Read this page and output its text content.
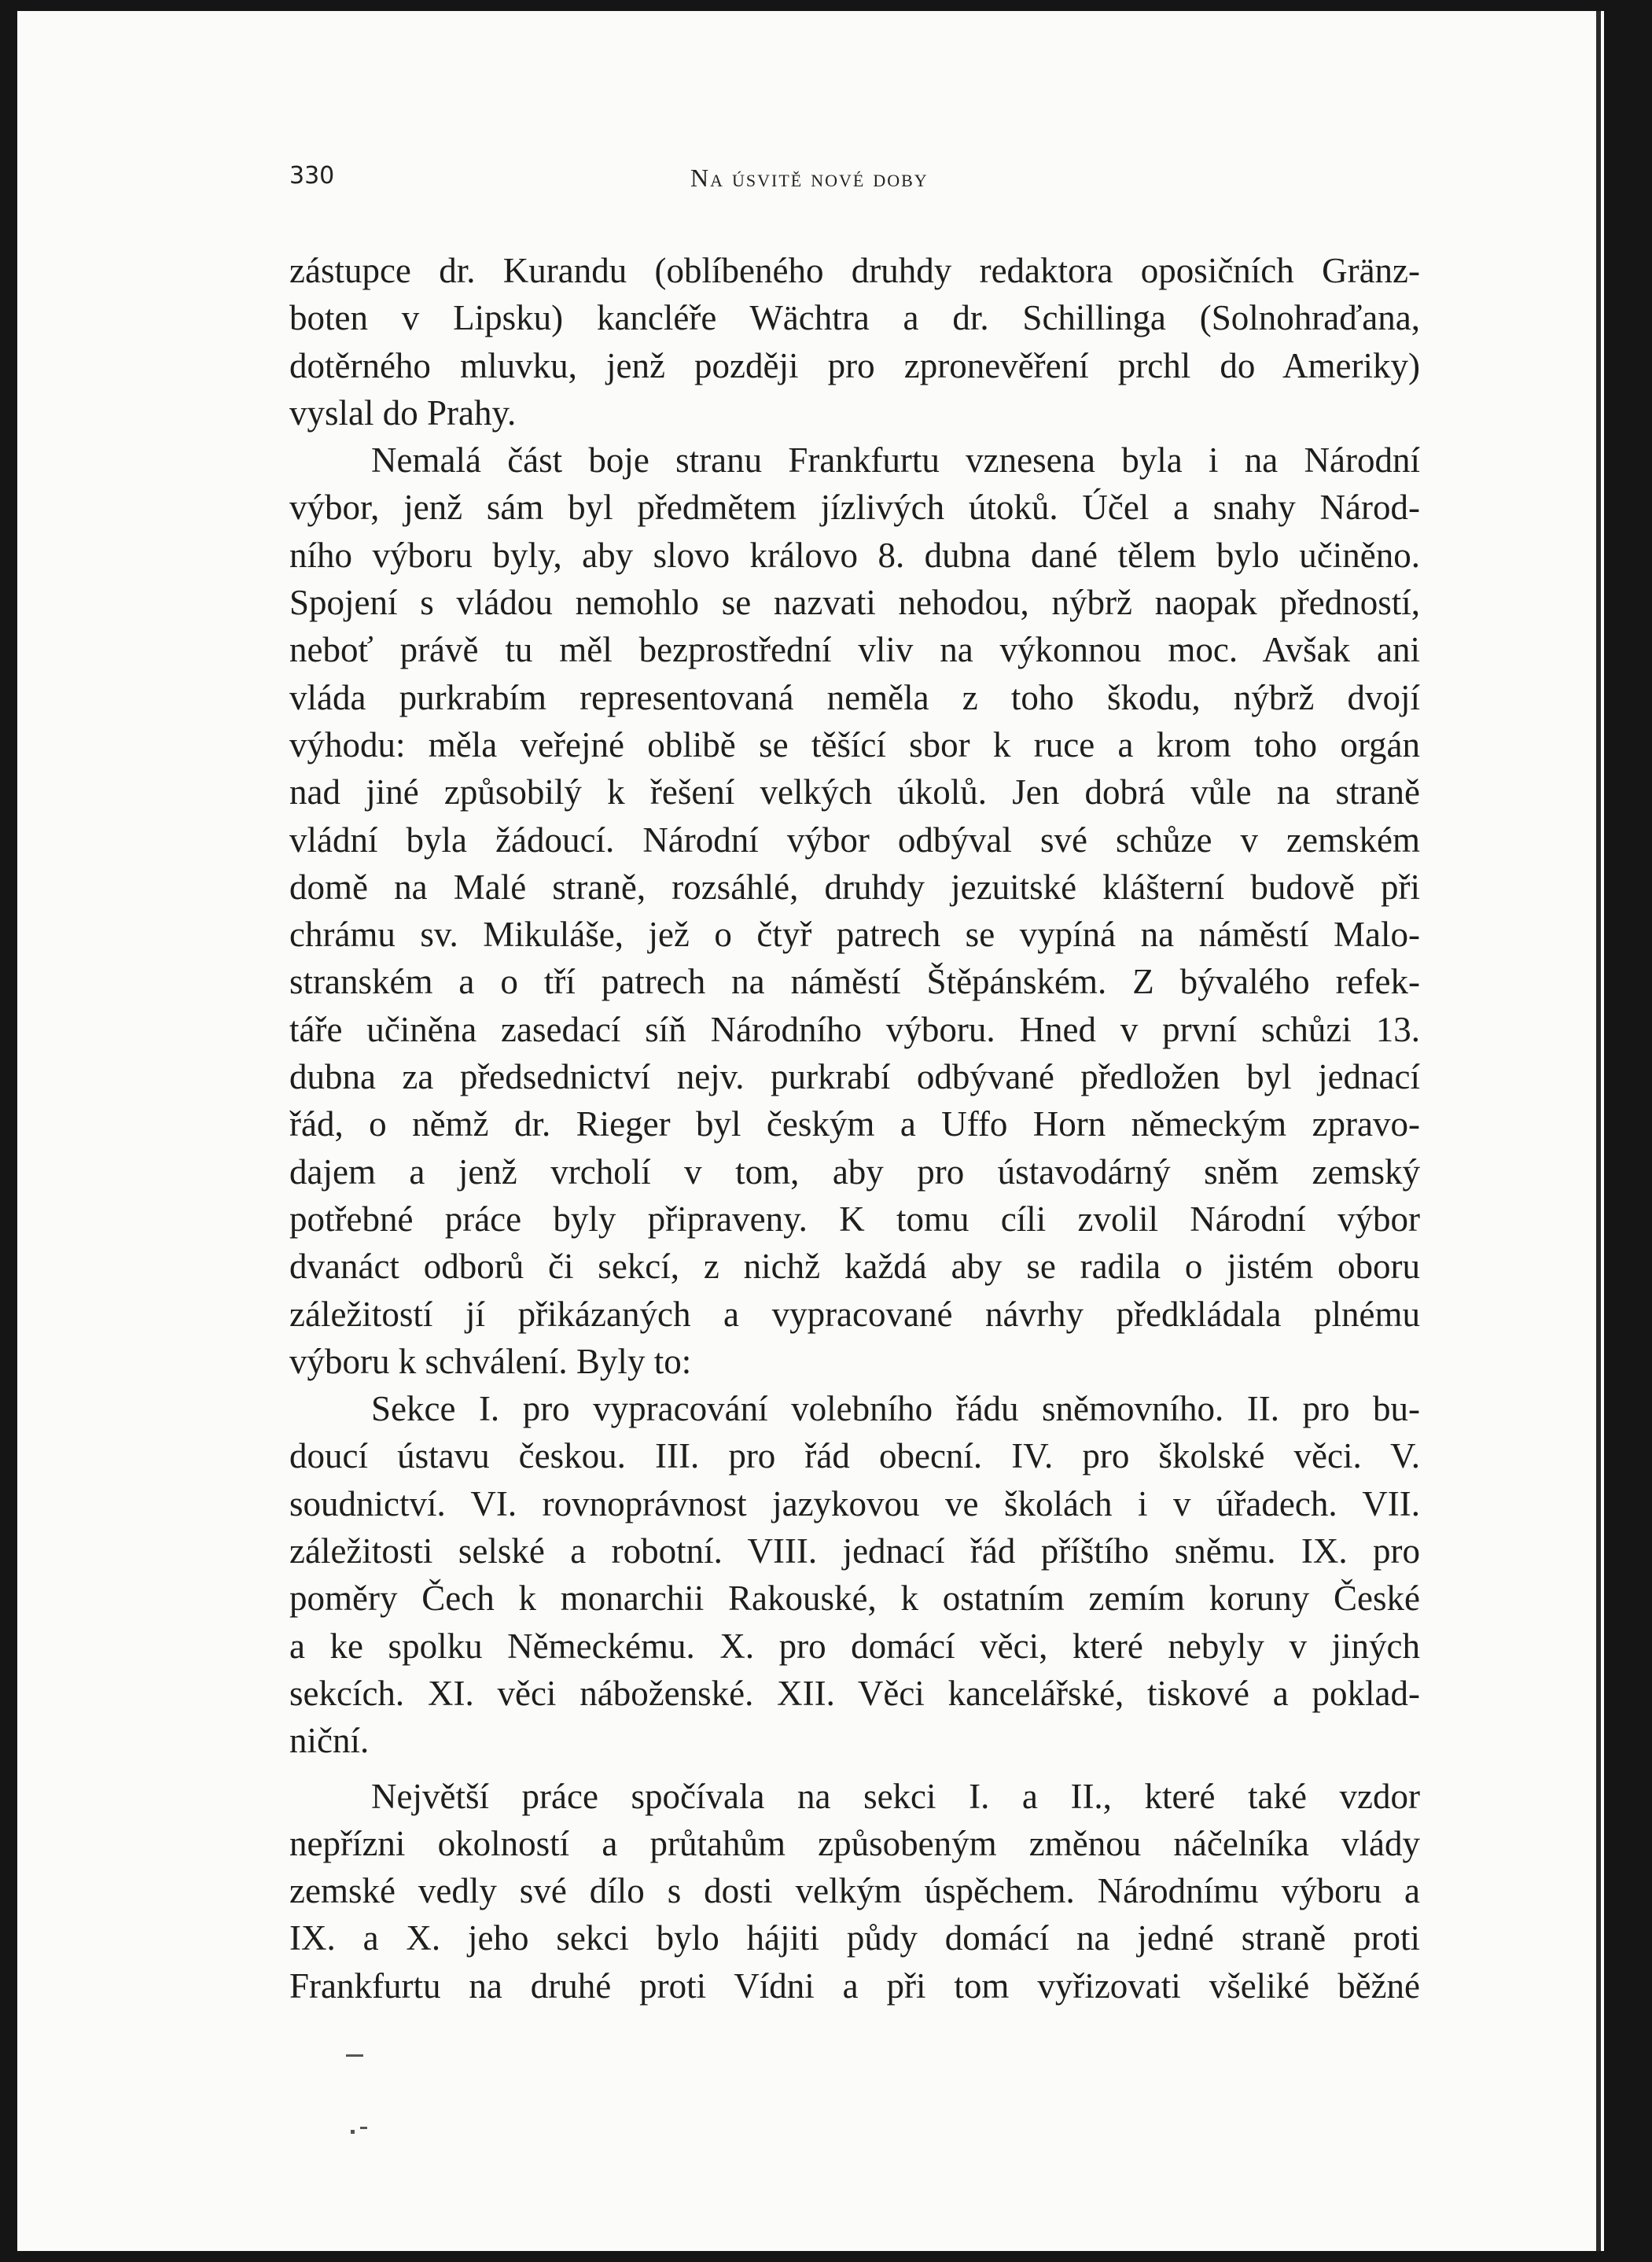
330	Na úsvitě nové doby

zástupce dr. Kurandu (oblíbeného druhdy redaktora oposičních Gränz-
boten v Lipsku) kancléře Wächtra a dr. Schillinga (Solnohraďana,
dotěrného mluvku, jenž později pro zpronevěření prchl do Ameriky)
vyslal do Prahy.

Nemalá část boje stranu Frankfurtu vznesena byla i na Národní
výbor, jenž sám byl předmětem jízlivých útoků. Účel a snahy Národ-
ního výboru byly, aby slovo královo 8. dubna dané tělem bylo učiněno.
Spojení s vládou nemohlo se nazvati nehodou, nýbrž naopak předností,
neboť právě tu měl bezprostřední vliv na výkonnou moc. Avšak ani
vláda purkrabím representovaná neměla z toho škodu, nýbrž dvojí
výhodu: měla veřejné oblibě se těšící sbor k ruce a krom toho orgán
nad jiné způsobilý k řešení velkých úkolů. Jen dobrá vůle na straně
vládní byla žádoucí. Národní výbor odbýval své schůze v zemském
domě na Malé straně, rozsáhlé, druhdy jezuitské klášterní budově při
chrámu sv. Mikuláše, jež o čtyř patrech se vypíná na náměstí Malo-
stranském a o tří patrech na náměstí Štěpánském. Z bývalého refek-
táře učiněna zasedací síň Národního výboru. Hned v první schůzi 13.
dubna za předsednictví nejv. purkrabí odbývané předložen byl jednací
řád, o němž dr. Rieger byl českým a Uffo Horn německým zpravo-
dajem a jenž vrcholí v tom, aby pro ústavodárný sněm zemský
potřebné práce byly připraveny. K tomu cíli zvolil Národní výbor
dvanáct odborů či sekcí, z nichž každá aby se radila o jistém oboru
záležitostí jí přikázaných a vypracované návrhy předkládala plnému
výboru k schválení. Byly to:

Sekce I. pro vypracování volebního řádu sněmovního. II. pro bu-
doucí ústavu českou. III. pro řád obecní. IV. pro školské věci. V.
soudnictví. VI. rovnoprávnost jazykovou ve školách i v úřadech. VII.
záležitosti selské a robotní. VIII. jednací řád příštího sněmu. IX. pro
poměry Čech k monarchii Rakouské, k ostatním zemím koruny České
a ke spolku Německému. X. pro domácí věci, které nebyly v jiných
sekcích. XI. věci náboženské. XII. Věci kancelářské, tiskové a poklad-
niční.

Největší práce spočívala na sekci I. a II., které také vzdor
nepřízni okolností a průtahům způsobeným změnou náčelníka vlády
zemské vedly své dílo s dosti velkým úspěchem. Národnímu výboru a
IX. a X. jeho sekci bylo hájiti půdy domácí na jedné straně proti
Frankfurtu na druhé proti Vídni a při tom vyřizovati všeliké běžné
